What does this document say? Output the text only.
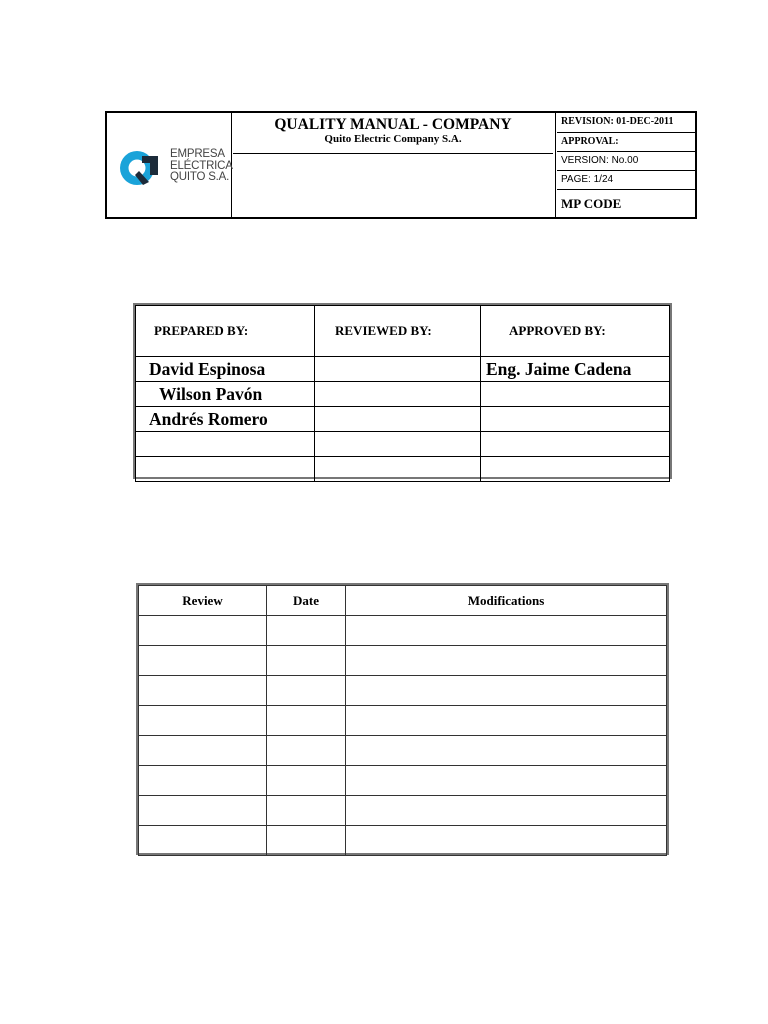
EMPRESA
ELÉCTRICA
QUITO S.A.
QUALITY MANUAL - COMPANY
Quito Electric Company S.A.
REVISION: 01-DEC-2011
APPROVAL:
VERSION: No.00
PAGE: 1/24
MP CODE
PREPARED BY:	REVIEWED BY:	APPROVED BY:
David Espinosa		Eng. Jaime Cadena
Wilson Pavón		
Andrés Romero		

Review	Date	Modifications
